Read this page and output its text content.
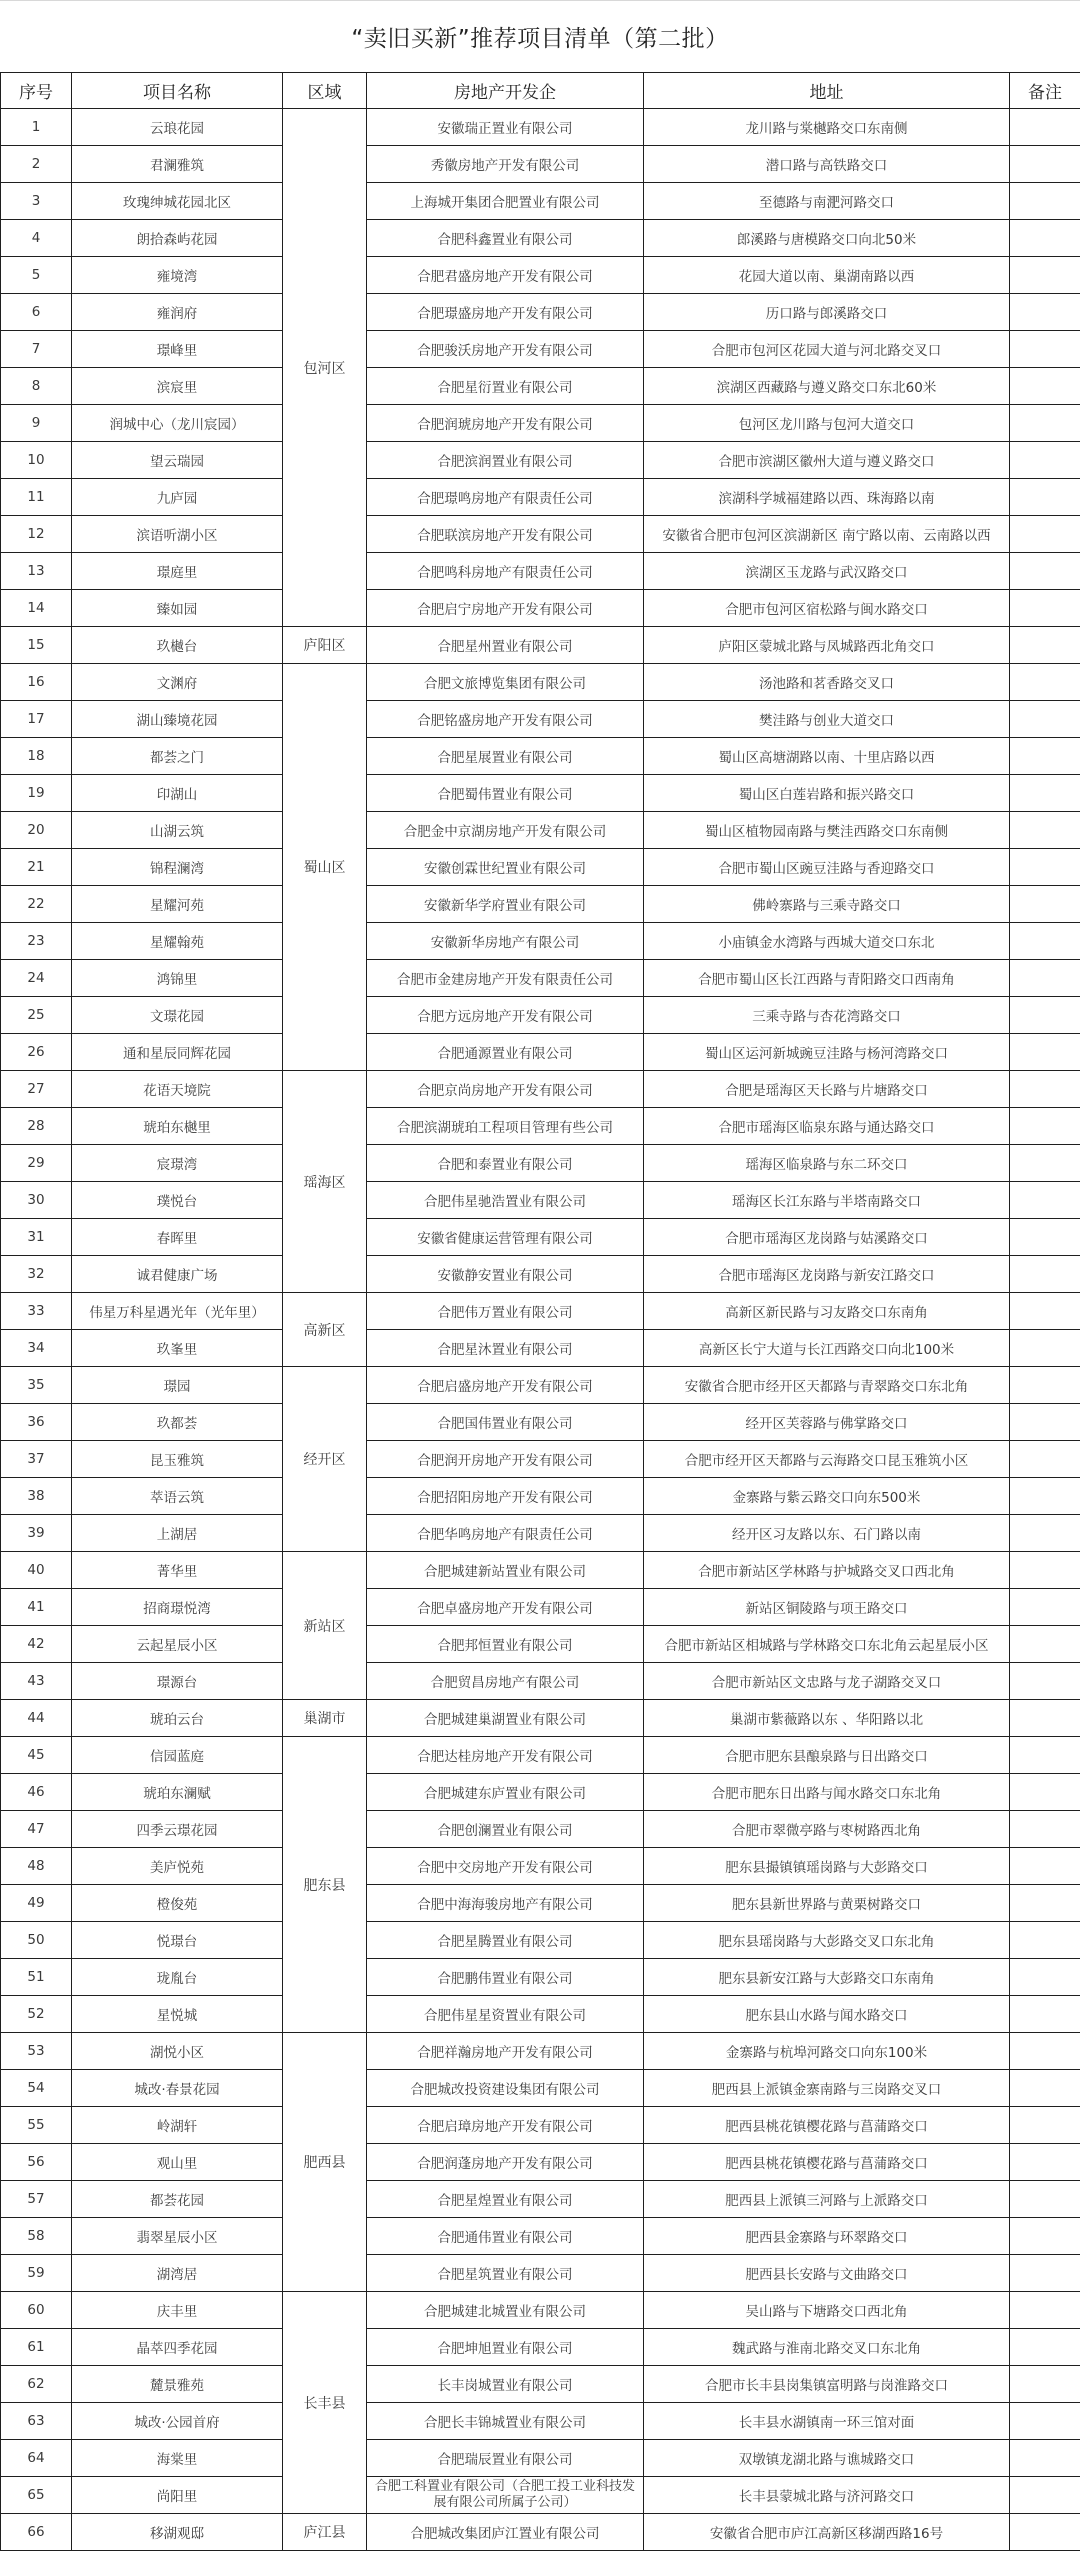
“卖旧买新”推荐项目清单（第二批）
序号	项目名称	区域	房地产开发企	地址	备注
1	云琅花园	包河区	安徽瑞正置业有限公司	龙川路与棠樾路交口东南侧	
2	君澜雅筑		秀徽房地产开发有限公司	潜口路与高铁路交口	
3	玫瑰绅城花园北区		上海城开集团合肥置业有限公司	至德路与南淝河路交口	
4	朗拾森屿花园		合肥科鑫置业有限公司	郎溪路与唐模路交口向北50米	
5	雍境湾		合肥君盛房地产开发有限公司	花园大道以南、巢湖南路以西	
6	雍润府		合肥璟盛房地产开发有限公司	历口路与郎溪路交口	
7	璟峰里		合肥骏沃房地产开发有限公司	合肥市包河区花园大道与河北路交叉口	
8	滨宸里		合肥星衍置业有限公司	滨湖区西藏路与遵义路交口东北60米	
9	润城中心（龙川宸园）		合肥润琥房地产开发有限公司	包河区龙川路与包河大道交口	
10	望云瑞园		合肥滨润置业有限公司	合肥市滨湖区徽州大道与遵义路交口	
11	九庐园		合肥璟鸣房地产有限责任公司	滨湖科学城福建路以西、珠海路以南	
12	滨语听湖小区		合肥联滨房地产开发有限公司	安徽省合肥市包河区滨湖新区 南宁路以南、云南路以西	
13	璟庭里		合肥鸣科房地产有限责任公司	滨湖区玉龙路与武汉路交口	
14	臻如园		合肥启宁房地产开发有限公司	合肥市包河区宿松路与闽水路交口	
15	玖樾台	庐阳区	合肥星州置业有限公司	庐阳区蒙城北路与凤城路西北角交口	
16	文渊府	蜀山区	合肥文旅博览集团有限公司	汤池路和茗香路交叉口	
17	湖山臻境花园		合肥铭盛房地产开发有限公司	樊洼路与创业大道交口	
18	都荟之门		合肥星展置业有限公司	蜀山区高塘湖路以南、十里店路以西	
19	印湖山		合肥蜀伟置业有限公司	蜀山区白莲岩路和振兴路交口	
20	山湖云筑		合肥金中京湖房地产开发有限公司	蜀山区植物园南路与樊洼西路交口东南侧	
21	锦程澜湾		安徽创霖世纪置业有限公司	合肥市蜀山区豌豆洼路与香迎路交口	
22	星耀河苑		安徽新华学府置业有限公司	佛岭寨路与三乘寺路交口	
23	星耀翰苑		安徽新华房地产有限公司	小庙镇金水湾路与西城大道交口东北	
24	鸿锦里		合肥市金建房地产开发有限责任公司	合肥市蜀山区长江西路与青阳路交口西南角	
25	文璟花园		合肥方远房地产开发有限公司	三乘寺路与杏花湾路交口	
26	通和星辰同辉花园		合肥通源置业有限公司	蜀山区运河新城豌豆洼路与杨河湾路交口	
27	花语天境院	瑶海区	合肥京尚房地产开发有限公司	合肥是瑶海区天长路与片塘路交口	
28	琥珀东樾里		合肥滨湖琥珀工程项目管理有些公司	合肥市瑶海区临泉东路与通达路交口	
29	宸璟湾		合肥和泰置业有限公司	瑶海区临泉路与东二环交口	
30	璞悦台		合肥伟星驰浩置业有限公司	瑶海区长江东路与半塔南路交口	
31	春晖里		安徽省健康运营管理有限公司	合肥市瑶海区龙岗路与姑溪路交口	
32	诚君健康广场		安徽静安置业有限公司	合肥市瑶海区龙岗路与新安江路交口	
33	伟星万科星遇光年（光年里）	高新区	合肥伟万置业有限公司	高新区新民路与习友路交口东南角	
34	玖峯里		合肥星沐置业有限公司	高新区长宁大道与长江西路交口向北100米	
35	璟园	经开区	合肥启盛房地产开发有限公司	安徽省合肥市经开区天都路与青翠路交口东北角	
36	玖都荟		合肥国伟置业有限公司	经开区芙蓉路与佛掌路交口	
37	昆玉雅筑		合肥润开房地产开发有限公司	合肥市经开区天都路与云海路交口昆玉雅筑小区	
38	萃语云筑		合肥招阳房地产开发有限公司	金寨路与紫云路交口向东500米	
39	上湖居		合肥华鸣房地产有限责任公司	经开区习友路以东、石门路以南	
40	菁华里	新站区	合肥城建新站置业有限公司	合肥市新站区学林路与护城路交叉口西北角	
41	招商璟悦湾		合肥卓盛房地产开发有限公司	新站区铜陵路与项王路交口	
42	云起星辰小区		合肥邦恒置业有限公司	合肥市新站区相城路与学林路交口东北角云起星辰小区	
43	璟源台		合肥贸昌房地产有限公司	合肥市新站区文忠路与龙子湖路交叉口	
44	琥珀云台	巢湖市	合肥城建巢湖置业有限公司	巢湖市紫薇路以东 、华阳路以北	
45	信园蓝庭	肥东县	合肥达桂房地产开发有限公司	合肥市肥东县酿泉路与日出路交口	
46	琥珀东澜赋		合肥城建东庐置业有限公司	合肥市肥东日出路与闻水路交口东北角	
47	四季云璟花园		合肥创澜置业有限公司	合肥市翠微亭路与枣树路西北角	
48	美庐悦苑		合肥中交房地产开发有限公司	肥东县撮镇镇瑶岗路与大彭路交口	
49	橙俊苑		合肥中海海骏房地产有限公司	肥东县新世界路与黄栗树路交口	
50	悦璟台		合肥星腾置业有限公司	肥东县瑶岗路与大彭路交叉口东北角	
51	珑胤台		合肥鹏伟置业有限公司	肥东县新安江路与大彭路交口东南角	
52	星悦城		合肥伟星星资置业有限公司	肥东县山水路与闻水路交口	
53	湖悦小区	肥西县	合肥祥瀚房地产开发有限公司	金寨路与杭埠河路交口向东100米	
54	城改·春景花园		合肥城改投资建设集团有限公司	肥西县上派镇金寨南路与三岗路交叉口	
55	岭湖轩		合肥启璋房地产开发有限公司	肥西县桃花镇樱花路与菖蒲路交口	
56	观山里		合肥润蓬房地产开发有限公司	肥西县桃花镇樱花路与菖蒲路交口	
57	都荟花园		合肥星煌置业有限公司	肥西县上派镇三河路与上派路交口	
58	翡翠星辰小区		合肥通伟置业有限公司	肥西县金寨路与环翠路交口	
59	湖湾居		合肥星筑置业有限公司	肥西县长安路与文曲路交口	
60	庆丰里	长丰县	合肥城建北城置业有限公司	吴山路与下塘路交口西北角	
61	晶萃四季花园		合肥坤旭置业有限公司	魏武路与淮南北路交叉口东北角	
62	麓景雅苑		长丰岗城置业有限公司	合肥市长丰县岗集镇富明路与岗淮路交口	
63	城改·公园首府		合肥长丰锦城置业有限公司	长丰县水湖镇南一环三馆对面	
64	海棠里		合肥瑞辰置业有限公司	双墩镇龙湖北路与谯城路交口	
65	尚阳里		合肥工科置业有限公司（合肥工投工业科技发展有限公司所属子公司）	长丰县蒙城北路与济河路交口	
66	移湖观邸	庐江县	合肥城改集团庐江置业有限公司	安徽省合肥市庐江高新区移湖西路16号	
